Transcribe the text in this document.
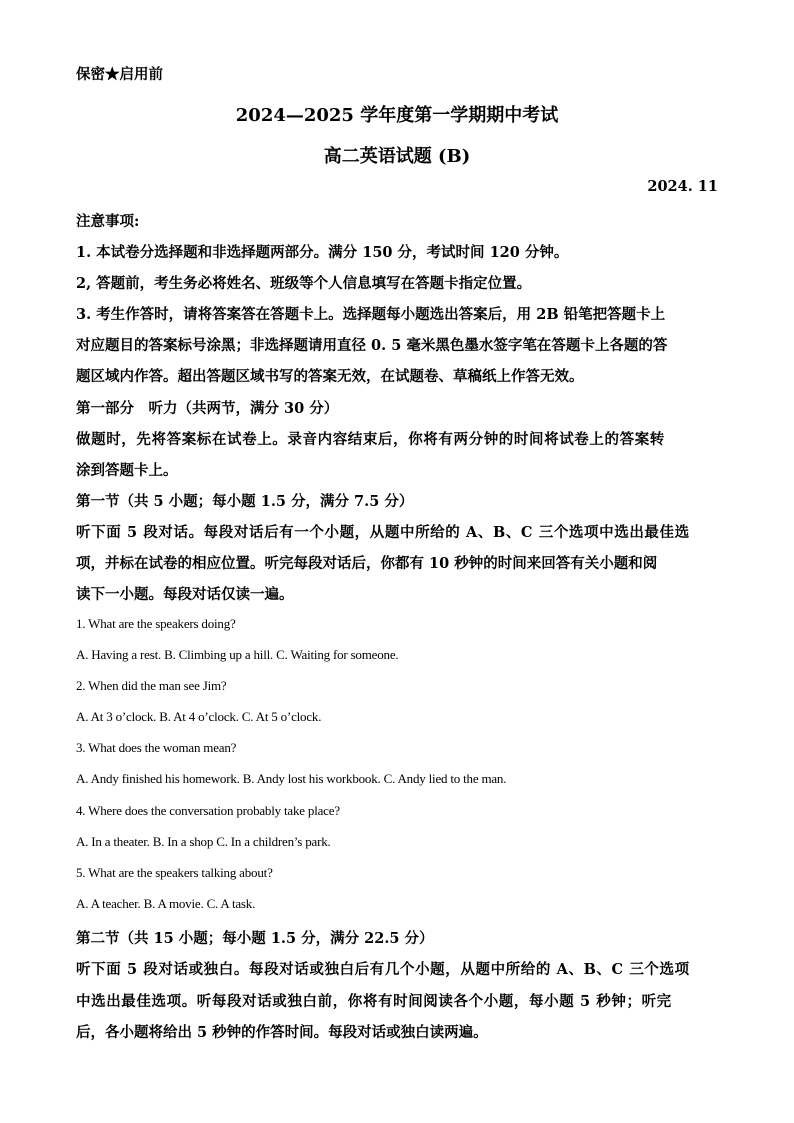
保密★启用前
2024—2025 学年度第一学期期中考试
高二英语试题 (B)
2024. 11
注意事项:
1. 本试卷分选择题和非选择题两部分。满分 150 分，考试时间 120 分钟。
2, 答题前，考生务必将姓名、班级等个人信息填写在答题卡指定位置。
3. 考生作答时，请将答案答在答题卡上。选择题每小题选出答案后，用 2B 铅笔把答题卡上
对应题目的答案标号涂黑；非选择题请用直径 0. 5 毫米黑色墨水签字笔在答题卡上各题的答
题区域内作答。超出答题区域书写的答案无效，在试题卷、草稿纸上作答无效。
第一部分　听力（共两节，满分 30 分）
做题时，先将答案标在试卷上。录音内容结束后，你将有两分钟的时间将试卷上的答案转
涂到答题卡上。
第一节（共 5 小题；每小题 1.5 分，满分 7.5 分）
听下面 5 段对话。每段对话后有一个小题，从题中所给的 A、B、C 三个选项中选出最佳选
项，并标在试卷的相应位置。听完每段对话后，你都有 10 秒钟的时间来回答有关小题和阅
读下一小题。每段对话仅读一遍。
1. What are the speakers doing?
A. Having a rest. B. Climbing up a hill. C. Waiting for someone.
2. When did the man see Jim?
A. At 3 o’clock. B. At 4 o’clock. C. At 5 o’clock.
3. What does the woman mean?
A. Andy finished his homework. B. Andy lost his workbook. C. Andy lied to the man.
4. Where does the conversation probably take place?
A. In a theater. B. In a shop C. In a children’s park.
5. What are the speakers talking about?
A. A teacher. B. A movie. C. A task.
第二节（共 15 小题；每小题 1.5 分，满分 22.5 分）
听下面 5 段对话或独白。每段对话或独白后有几个小题，从题中所给的 A、B、C 三个选项
中选出最佳选项。听每段对话或独白前，你将有时间阅读各个小题，每小题 5 秒钟；听完
后，各小题将给出 5 秒钟的作答时间。每段对话或独白读两遍。
